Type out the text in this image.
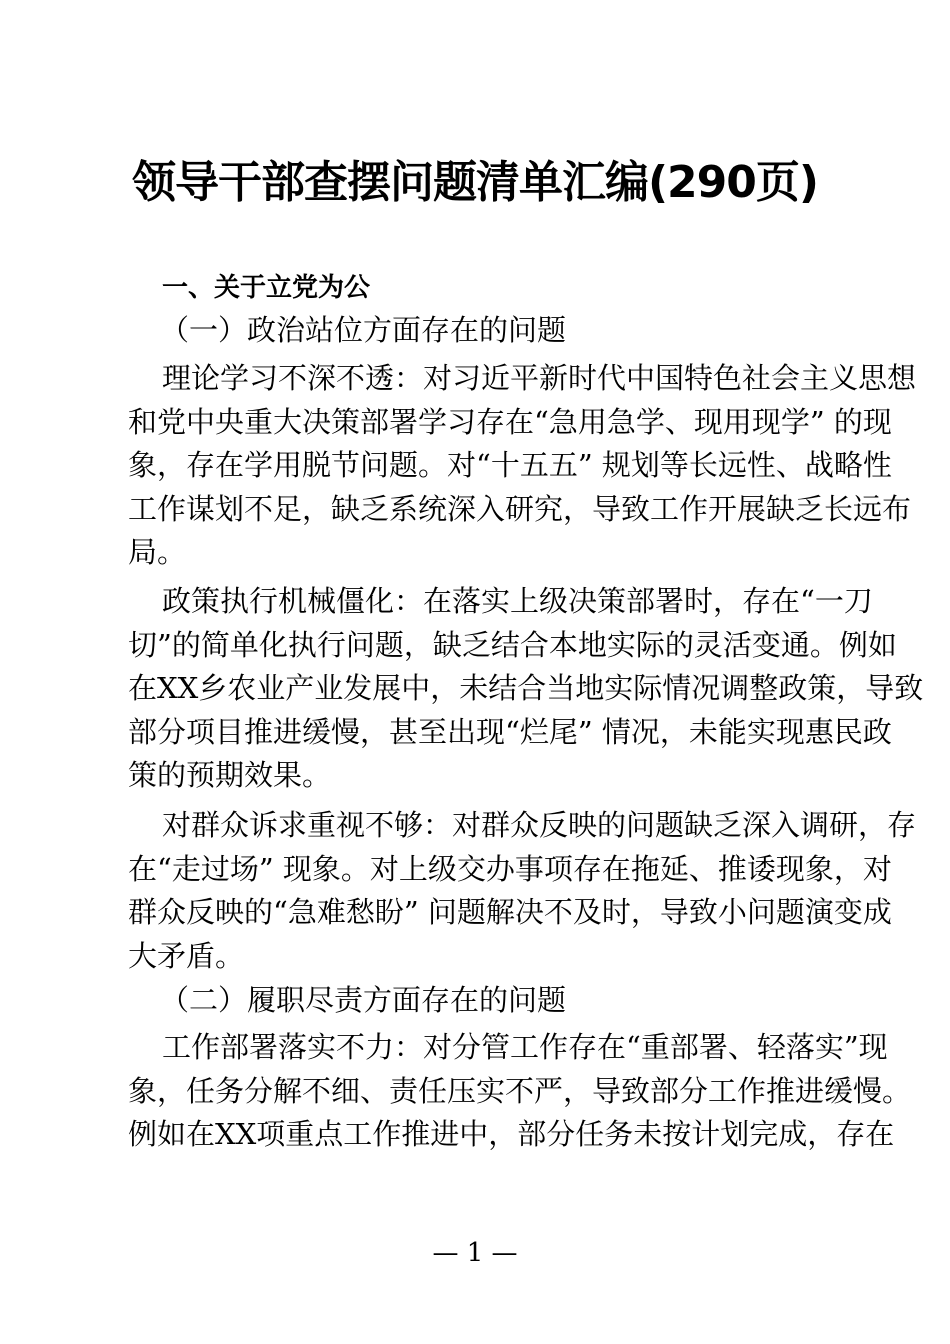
领导干部查摆问题清单汇编(290页)
一、关于立党为公
（一）政治站位方面存在的问题
理论学习不深不透：对习近平新时代中国特色社会主义思想
和党中央重大决策部署学习存在“急用急学、现用现学” 的现
象，存在学用脱节问题。对“十五五” 规划等长远性、战略性
工作谋划不足，缺乏系统深入研究，导致工作开展缺乏长远布
局。
政策执行机械僵化：在落实上级决策部署时，存在“一刀
切”的简单化执行问题，缺乏结合本地实际的灵活变通。例如
在XX乡农业产业发展中，未结合当地实际情况调整政策，导致
部分项目推进缓慢，甚至出现“烂尾” 情况，未能实现惠民政
策的预期效果。
对群众诉求重视不够：对群众反映的问题缺乏深入调研，存
在“走过场” 现象。对上级交办事项存在拖延、推诿现象，对
群众反映的“急难愁盼” 问题解决不及时，导致小问题演变成
大矛盾。
（二）履职尽责方面存在的问题
工作部署落实不力：对分管工作存在“重部署、轻落实”现
象，任务分解不细、责任压实不严，导致部分工作推进缓慢。
例如在XX项重点工作推进中，部分任务未按计划完成，存在
— 1 —
